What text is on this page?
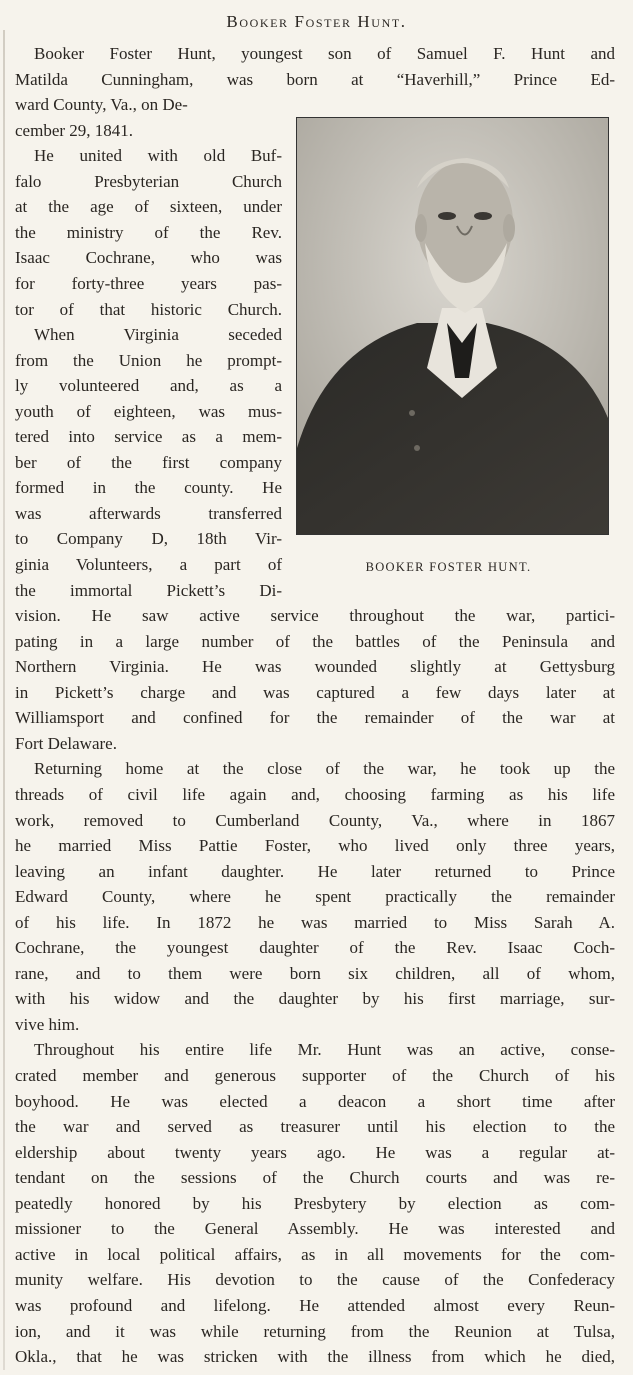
Booker Foster Hunt.
BOOKER FOSTER HUNT.
Booker Foster Hunt, youngest son of Samuel F. Hunt and
Matilda Cunningham, was born at “Haverhill,” Prince Ed-
ward County, Va., on De-
cember 29, 1841.
He united with old Buf-
falo Presbyterian Church
at the age of sixteen, under
the ministry of the Rev.
Isaac Cochrane, who was
for forty-three years pas-
tor of that historic Church.
When Virginia seceded
from the Union he prompt-
ly volunteered and, as a
youth of eighteen, was mus-
tered into service as a mem-
ber of the first company
formed in the county. He
was afterwards transferred
to Company D, 18th Vir-
ginia Volunteers, a part of
the immortal Pickett’s Di-
vision. He saw active service throughout the war, partici-
pating in a large number of the battles of the Peninsula and
Northern Virginia. He was wounded slightly at Gettysburg
in Pickett’s charge and was captured a few days later at
Williamsport and confined for the remainder of the war at
Fort Delaware.
Returning home at the close of the war, he took up the
threads of civil life again and, choosing farming as his life
work, removed to Cumberland County, Va., where in 1867
he married Miss Pattie Foster, who lived only three years,
leaving an infant daughter. He later returned to Prince
Edward County, where he spent practically the remainder
of his life. In 1872 he was married to Miss Sarah A.
Cochrane, the youngest daughter of the Rev. Isaac Coch-
rane, and to them were born six children, all of whom,
with his widow and the daughter by his first marriage, sur-
vive him.
Throughout his entire life Mr. Hunt was an active, conse-
crated member and generous supporter of the Church of his
boyhood. He was elected a deacon a short time after
the war and served as treasurer until his election to the
eldership about twenty years ago. He was a regular at-
tendant on the sessions of the Church courts and was re-
peatedly honored by his Presbytery by election as com-
missioner to the General Assembly. He was interested and
active in local political affairs, as in all movements for the com-
munity welfare. His devotion to the cause of the Confederacy
was profound and lifelong. He attended almost every Reun-
ion, and it was while returning from the Reunion at Tulsa,
Okla., that he was stricken with the illness from which he died,
